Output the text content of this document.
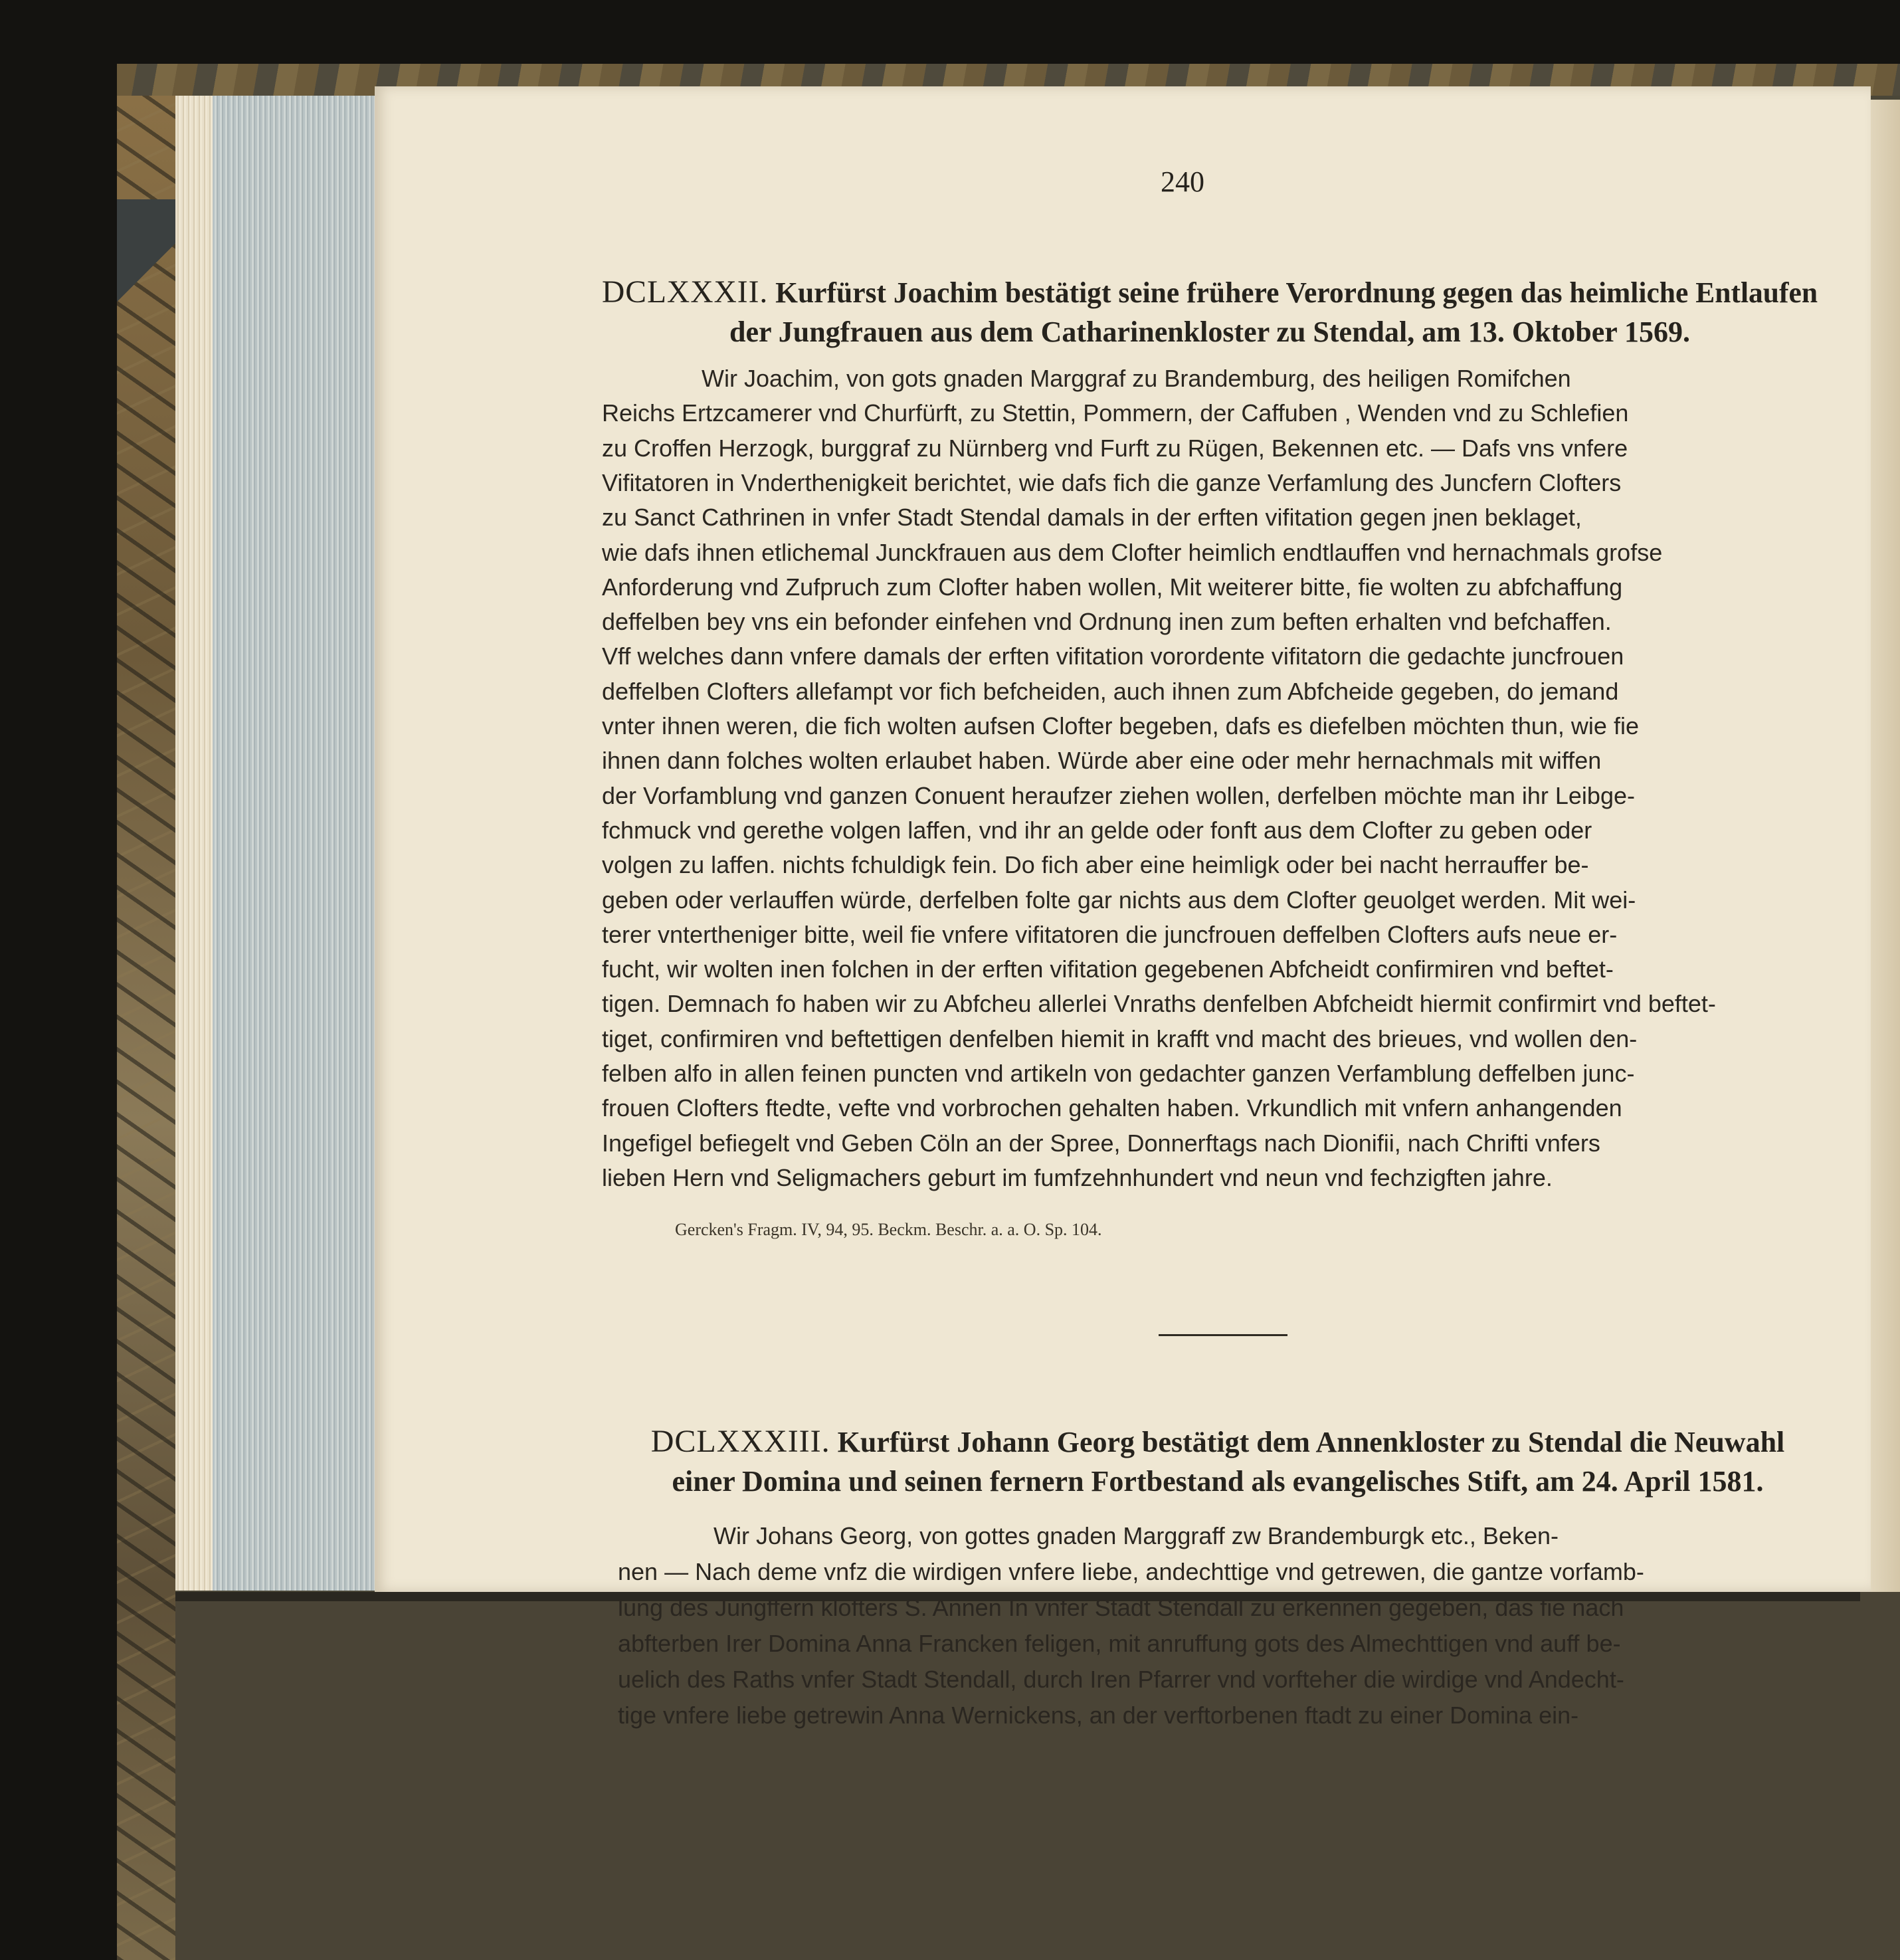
240
DCLXXXII. Kurfürst Joachim bestätigt seine frühere Verordnung gegen das heimliche Entlaufen
der Jungfrauen aus dem Catharinenkloster zu Stendal, am 13. Oktober 1569.
Wir Joachim, von gots gnaden Marggraf zu Brandemburg, des heiligen Romifchen
Reichs Ertzcamerer vnd Churfürft, zu Stettin, Pommern, der Caffuben , Wenden vnd zu Schlefien
zu Croffen Herzogk, burggraf zu Nürnberg vnd Furft zu Rügen, Bekennen etc. — Dafs vns vnfere
Vifitatoren in Vnderthenigkeit berichtet, wie dafs fich die ganze Verfamlung des Juncfern Clofters
zu Sanct Cathrinen in vnfer Stadt Stendal damals in der erften vifitation gegen jnen beklaget,
wie dafs ihnen etlichemal Junckfrauen aus dem Clofter heimlich endtlauffen vnd hernachmals grofse
Anforderung vnd Zufpruch zum Clofter haben wollen, Mit weiterer bitte, fie wolten zu abfchaffung
deffelben bey vns ein befonder einfehen vnd Ordnung inen zum beften erhalten vnd befchaffen.
Vff welches dann vnfere damals der erften vifitation vorordente vifitatorn die gedachte juncfrouen
deffelben Clofters allefampt vor fich befcheiden, auch ihnen zum Abfcheide gegeben, do jemand
vnter ihnen weren, die fich wolten aufsen Clofter begeben, dafs es diefelben möchten thun, wie fie
ihnen dann folches wolten erlaubet haben. Würde aber eine oder mehr hernachmals mit wiffen
der Vorfamblung vnd ganzen Conuent heraufzer ziehen wollen, derfelben möchte man ihr Leibge-
fchmuck vnd gerethe volgen laffen, vnd ihr an gelde oder fonft aus dem Clofter zu geben oder
volgen zu laffen. nichts fchuldigk fein. Do fich aber eine heimligk oder bei nacht herrauffer be-
geben oder verlauffen würde, derfelben folte gar nichts aus dem Clofter geuolget werden. Mit wei-
terer vntertheniger bitte, weil fie vnfere vifitatoren die juncfrouen deffelben Clofters aufs neue er-
fucht, wir wolten inen folchen in der erften vifitation gegebenen Abfcheidt confirmiren vnd beftet-
tigen. Demnach fo haben wir zu Abfcheu allerlei Vnraths denfelben Abfcheidt hiermit confirmirt vnd beftet-
tiget, confirmiren vnd beftettigen denfelben hiemit in krafft vnd macht des brieues, vnd wollen den-
felben alfo in allen feinen puncten vnd artikeln von gedachter ganzen Verfamblung deffelben junc-
frouen Clofters ftedte, vefte vnd vorbrochen gehalten haben. Vrkundlich mit vnfern anhangenden
Ingefigel befiegelt vnd Geben Cöln an der Spree, Donnerftags nach Dionifii, nach Chrifti vnfers
lieben Hern vnd Seligmachers geburt im fumfzehnhundert vnd neun vnd fechzigften jahre.
Gercken's Fragm. IV, 94, 95. Beckm. Beschr. a. a. O. Sp. 104.
DCLXXXIII. Kurfürst Johann Georg bestätigt dem Annenkloster zu Stendal die Neuwahl
einer Domina und seinen fernern Fortbestand als evangelisches Stift, am 24. April 1581.
Wir Johans Georg, von gottes gnaden Marggraff zw Brandemburgk etc., Beken-
nen — Nach deme vnfz die wirdigen vnfere liebe, andechttige vnd getrewen, die gantze vorfamb-
lung des Jungffern klofters S. Annen In vnfer Stadt Stendall zu erkennen gegeben, das fie nach
abfterben Irer Domina Anna Francken feligen, mit anruffung gots des Almechttigen vnd auff be-
uelich des Raths vnfer Stadt Stendall, durch Iren Pfarrer vnd vorfteher die wirdige vnd Andecht-
tige vnfere liebe getrewin Anna Wernickens, an der verftorbenen ftadt zu einer Domina ein-
